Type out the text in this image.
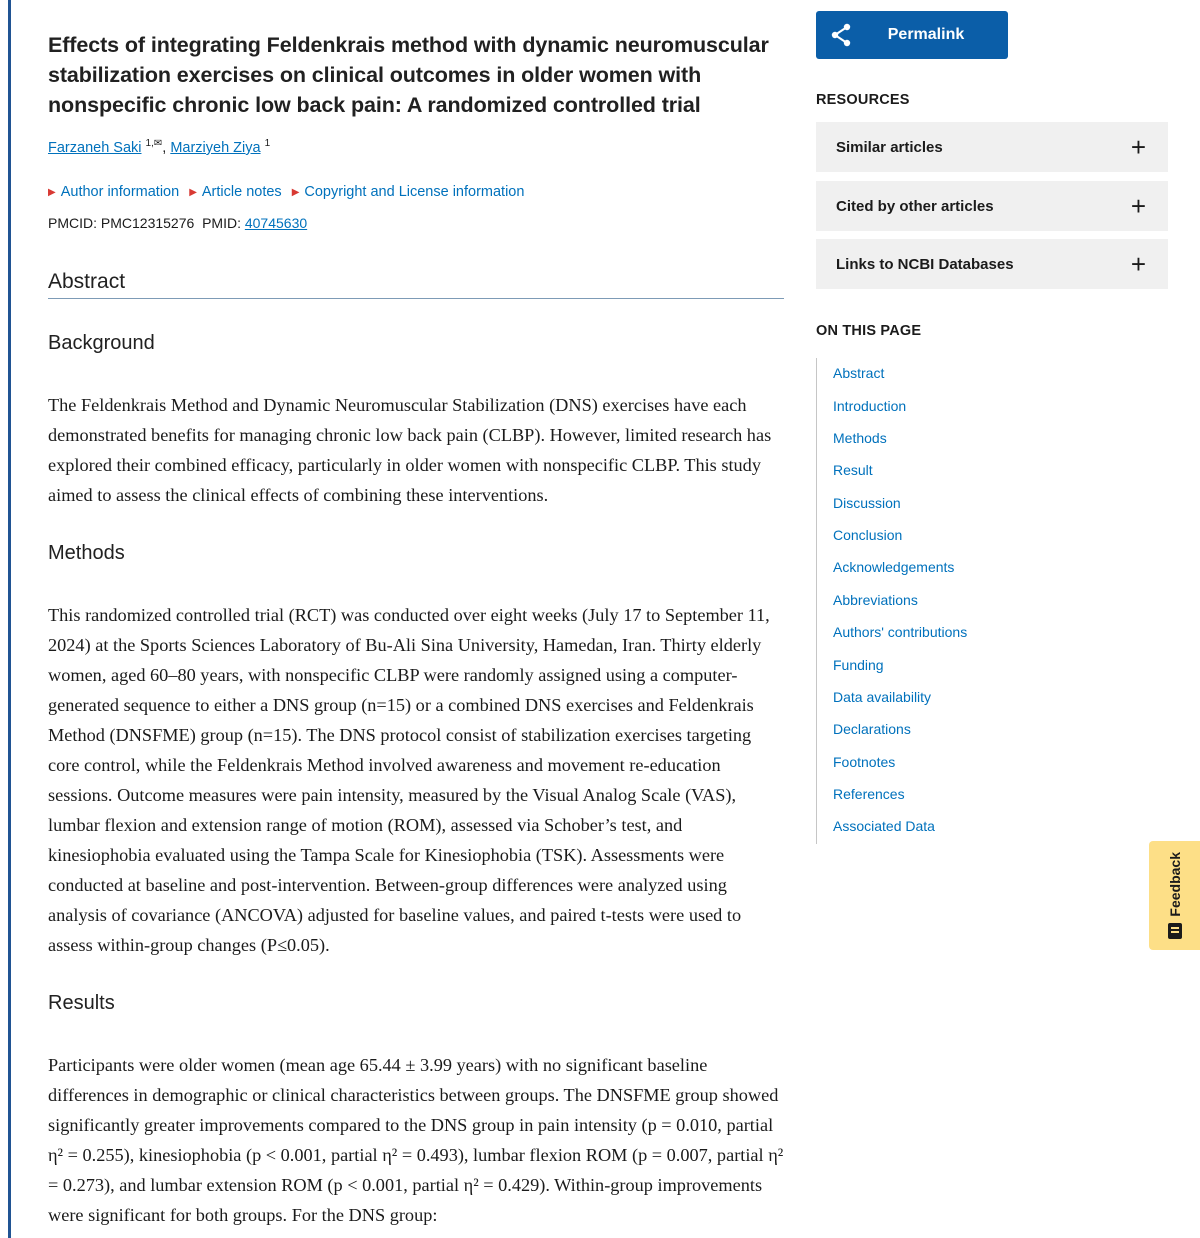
Effects of integrating Feldenkrais method with dynamic neuromuscular stabilization exercises on clinical outcomes in older women with nonspecific chronic low back pain: A randomized controlled trial
Farzaneh Saki $^{1,✉}$, Marziyeh Ziya $^1$
▶ Author information ▶ Article notes ▶ Copyright and License information
PMCID: PMC12315276 PMID: 40745630
Abstract
Background
The Feldenkrais Method and Dynamic Neuromuscular Stabilization (DNS) exercises have each demonstrated benefits for managing chronic low back pain (CLBP). However, limited research has explored their combined efficacy, particularly in older women with nonspecific CLBP. This study aimed to assess the clinical effects of combining these interventions.
Methods
This randomized controlled trial (RCT) was conducted over eight weeks (July 17 to September 11, 2024) at the Sports Sciences Laboratory of Bu-Ali Sina University, Hamedan, Iran. Thirty elderly women, aged 60–80 years, with nonspecific CLBP were randomly assigned using a computer-generated sequence to either a DNS group (n=15) or a combined DNS exercises and Feldenkrais Method (DNSFME) group (n=15). The DNS protocol consist of stabilization exercises targeting core control, while the Feldenkrais Method involved awareness and movement re-education sessions. Outcome measures were pain intensity, measured by the Visual Analog Scale (VAS), lumbar flexion and extension range of motion (ROM), assessed via Schober’s test, and kinesiophobia evaluated using the Tampa Scale for Kinesiophobia (TSK). Assessments were conducted at baseline and post-intervention. Between-group differences were analyzed using analysis of covariance (ANCOVA) adjusted for baseline values, and paired t-tests were used to assess within-group changes (P≤0.05).
Results
Participants were older women (mean age 65.44 ± 3.99 years) with no significant baseline differences in demographic or clinical characteristics between groups. The DNSFME group showed significantly greater improvements compared to the DNS group in pain intensity (p = 0.010, partial η² = 0.255), kinesiophobia (p < 0.001, partial η² = 0.493), lumbar flexion ROM (p = 0.007, partial η² = 0.273), and lumbar extension ROM (p < 0.001, partial η² = 0.429). Within-group improvements were significant for both groups. For the DNS group:
Permalink
RESOURCES
Similar articles	+
Cited by other articles	+
Links to NCBI Databases	+
ON THIS PAGE
Abstract
Introduction
Methods
Result
Discussion
Conclusion
Acknowledgements
Abbreviations
Authors' contributions
Funding
Data availability
Declarations
Footnotes
References
Associated Data
Feedback
